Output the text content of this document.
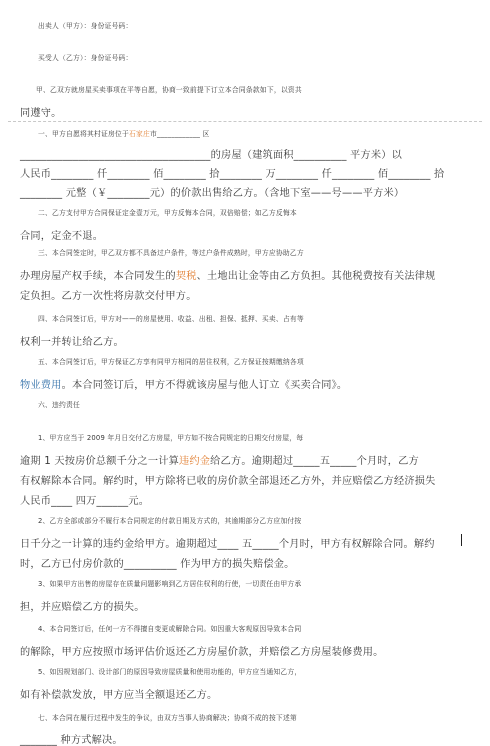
出卖人（甲方）：身份证号码：
买受人（乙方）：身份证号码：
甲、乙双方就房屋买卖事项在平等自愿，协商一致前提下订立本合同条款如下，以资共
同遵守。
一、甲方自愿将其村证房位于石家庄市____________ 区
____________________________________的房屋（建筑面积__________ 平方米）以
人民币________ 仟________ 佰________ 拾________ 万________ 仟________ 佰________ 拾
________ 元整（￥________元）的价款出售给乙方。（含地下室——号——平方米）
二、乙方支付甲方合同保证定金壹万元，甲方反悔本合同，双倍赔偿；如乙方反悔本
合同，定金不退。
三、本合同签定时，甲乙双方都不具备过户条件，等过户条件成熟时，甲方应协助乙方
办理房屋产权手续，本合同发生的契税、土地出让金等由乙方负担。其他税费按有关法律规
定负担。乙方一次性将房款交付甲方。
四、本合同签订后，甲方对——的房屋使用、收益、出租、担保、抵押、买卖、占有等
权利一并转让给乙方。
五、本合同签订后，甲方保证乙方享有同甲方相同的居住权利，乙方保证按期缴纳各项
物业费用。本合同签订后，甲方不得就该房屋与他人订立《买卖合同》。
六、违约责任
1、甲方应当于 2009 年月日交付乙方房屋，甲方如不按合同规定的日期交付房屋，每
逾期 1 天按房价总额千分之一计算违约金给乙方。逾期超过_____五_____个月时，乙方
有权解除本合同。解约时，甲方除将已收的房价款全部退还乙方外，并应赔偿乙方经济损失
人民币____ 四万______元。
2、乙方全部或部分不履行本合同规定的付款日期及方式的，其逾期部分乙方应加付按
日千分之一计算的违约金给甲方。逾期超过____ 五_____个月时，甲方有权解除合同。解约
时，乙方已付房价款的__________ 作为甲方的损失赔偿金。
3、如果甲方出售的房屋存在质量问题影响到乙方居住权利的行使，一切责任由甲方承
担，并应赔偿乙方的损失。
4、本合同签订后，任何一方不得擅自变更或解除合同。如因重大客观原因导致本合同
的解除，甲方应按照市场评估价返还乙方房屋价款，并赔偿乙方房屋装修费用。
5、如因规划部门、设计部门的原因导致房屋质量和使用功能的，甲方应当通知乙方，
如有补偿款发放，甲方应当全额退还乙方。
七、本合同在履行过程中发生的争议，由双方当事人协商解决；协商不成的按下述第
_______ 种方式解决。
